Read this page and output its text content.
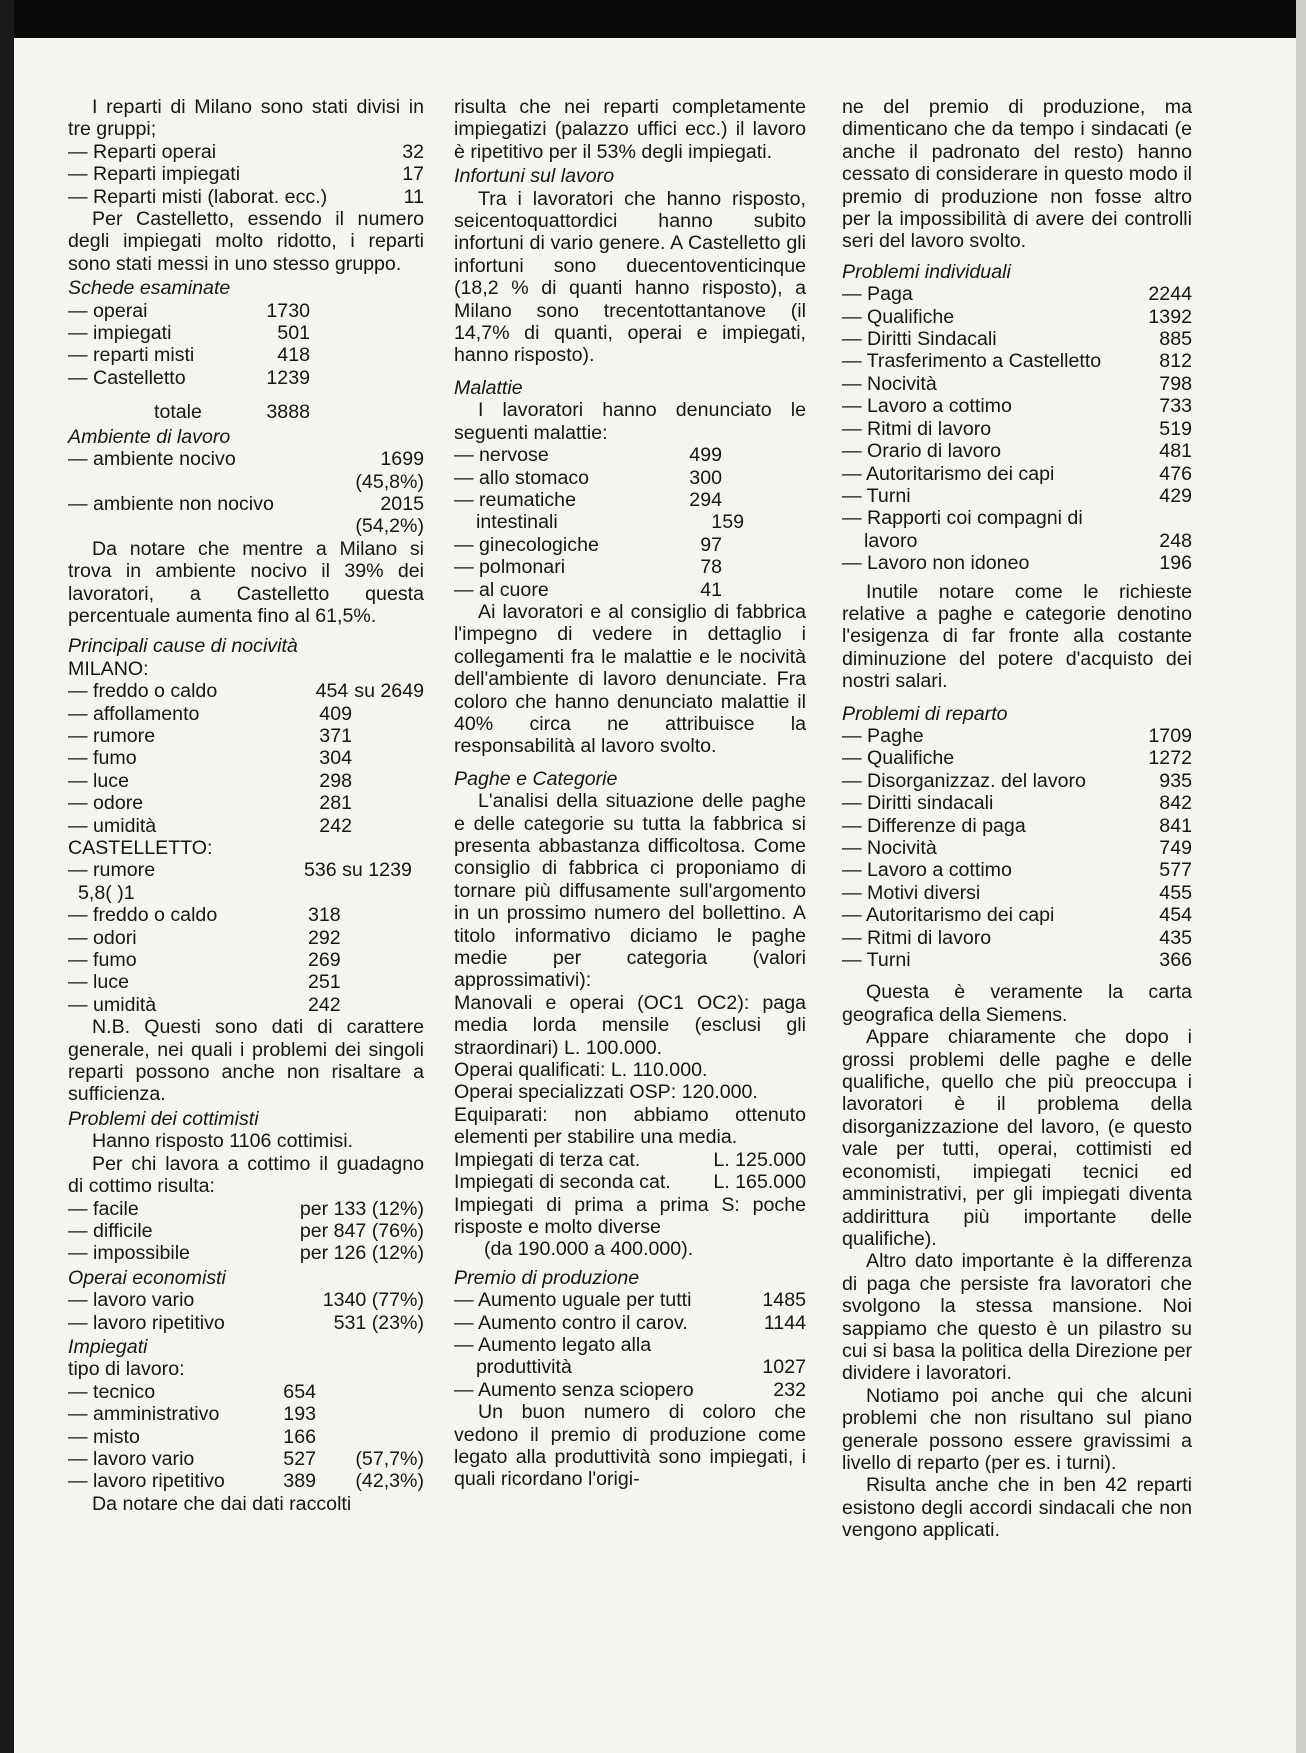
I reparti di Milano sono stati divisi in tre gruppi;

— Reparti operai	32
— Reparti impiegati	17
— Reparti misti (laborat. ecc.)	11

Per Castelletto, essendo il numero degli impiegati molto ridotto, i reparti sono stati messi in uno stesso gruppo.

Schede esaminate
— operai	1730
— impiegati	501
— reparti misti	418
— Castelletto	1239
totale	3888
Ambiente di lavoro
— ambiente nocivo	1699
(45,8%)
— ambiente non nocivo	2015
(54,2%)

Da notare che mentre a Milano si trova in ambiente nocivo il 39% dei lavoratori, a Castelletto questa percentuale aumenta fino al 61,5%.

Principali cause di nocività
MILANO:
— freddo o caldo	454 su 2649
— affollamento	409
— rumore	371
— fumo	304
— luce	298
— odore	281
— umidità	242
CASTELLETTO:
— rumore	536 su 1239
5,8( )1
— freddo o caldo	318
— odori	292
— fumo	269
— luce	251
— umidità	242

N.B. Questi sono dati di carattere generale, nei quali i problemi dei singoli reparti possono anche non risaltare a sufficienza.

Problemi dei cottimisti

Hanno risposto 1106 cottimisi.

Per chi lavora a cottimo il guadagno di cottimo risulta:

— facile	per 133 (12%)
— difficile	per 847 (76%)
— impossibile	per 126 (12%)
Operai economisti
— lavoro vario	1340 (77%)
— lavoro ripetitivo	531 (23%)
Impiegati
tipo di lavoro:
— tecnico	654
— amministrativo	193
— misto	166
— lavoro vario	527	(57,7%)
— lavoro ripetitivo	389	(42,3%)

Da notare che dai dati raccolti

risulta che nei reparti completamente impiegatizi (palazzo uffici ecc.) il lavoro è ripetitivo per il 53% degli impiegati.

Infortuni sul lavoro

Tra i lavoratori che hanno risposto, seicentoquattordici hanno subito infortuni di vario genere. A Castelletto gli infortuni sono duecentoventicinque (18,2 % di quanti hanno risposto), a Milano sono trecentottantanove (il 14,7% di quanti, operai e impiegati, hanno risposto).

Malattie

I lavoratori hanno denunciato le seguenti malattie:

— nervose	499
— allo stomaco	300
— reumatiche	294
intestinali	159
— ginecologiche	97
— polmonari	78
— al cuore	41

Ai lavoratori e al consiglio di fabbrica l'impegno di vedere in dettaglio i collegamenti fra le malattie e le nocività dell'ambiente di lavoro denunciate. Fra coloro che hanno denunciato malattie il 40% circa ne attribuisce la responsabilità al lavoro svolto.

Paghe e Categorie

L'analisi della situazione delle paghe e delle categorie su tutta la fabbrica si presenta abbastanza difficoltosa. Come consiglio di fabbrica ci proponiamo di tornare più diffusamente sull'argomento in un prossimo numero del bollettino. A titolo informativo diciamo le paghe medie per categoria (valori approssimativi):

Manovali e operai (OC1 OC2): paga media lorda mensile (esclusi gli straordinari) L. 100.000.

Operai qualificati: L. 110.000.

Operai specializzati OSP: 120.000.

Equiparati: non abbiamo ottenuto elementi per stabilire una media.

Impiegati di terza cat.	L. 125.000
Impiegati di seconda cat. L. 165.000

Impiegati di prima a prima S: poche risposte e molto diverse

(da 190.000 a 400.000).
Premio di produzione
— Aumento uguale per tutti	1485
— Aumento contro il carov.	1144
— Aumento legato alla
produttività	1027
— Aumento senza sciopero	232

Un buon numero di coloro che vedono il premio di produzione come legato alla produttività sono impiegati, i quali ricordano l'origi-

ne del premio di produzione, ma dimenticano che da tempo i sindacati (e anche il padronato del resto) hanno cessato di considerare in questo modo il premio di produzione non fosse altro per la impossibilità di avere dei controlli seri del lavoro svolto.

Problemi individuali
— Paga	2244
— Qualifiche	1392
— Diritti Sindacali	885
— Trasferimento a Castelletto	812
— Nocività	798
— Lavoro a cottimo	733
— Ritmi di lavoro	519
— Orario di lavoro	481
— Autoritarismo dei capi	476
— Turni	429
— Rapporti coi compagni di
lavoro	248
— Lavoro non idoneo	196

Inutile notare come le richieste relative a paghe e categorie denotino l'esigenza di far fronte alla costante diminuzione del potere d'acquisto dei nostri salari.

Problemi di reparto
— Paghe	1709
— Qualifiche	1272
— Disorganizzaz. del lavoro	935
— Diritti sindacali	842
— Differenze di paga	841
— Nocività	749
— Lavoro a cottimo	577
— Motivi diversi	455
— Autoritarismo dei capi	454
— Ritmi di lavoro	435
— Turni	366

Questa è veramente la carta geografica della Siemens.

Appare chiaramente che dopo i grossi problemi delle paghe e delle qualifiche, quello che più preoccupa i lavoratori è il problema della disorganizzazione del lavoro, (e questo vale per tutti, operai, cottimisti ed economisti, impiegati tecnici ed amministrativi, per gli impiegati diventa addirittura più importante delle qualifiche).

Altro dato importante è la differenza di paga che persiste fra lavoratori che svolgono la stessa mansione. Noi sappiamo che questo è un pilastro su cui si basa la politica della Direzione per dividere i lavoratori.

Notiamo poi anche qui che alcuni problemi che non risultano sul piano generale possono essere gravissimi a livello di reparto (per es. i turni).

Risulta anche che in ben 42 reparti esistono degli accordi sindacali che non vengono applicati.
